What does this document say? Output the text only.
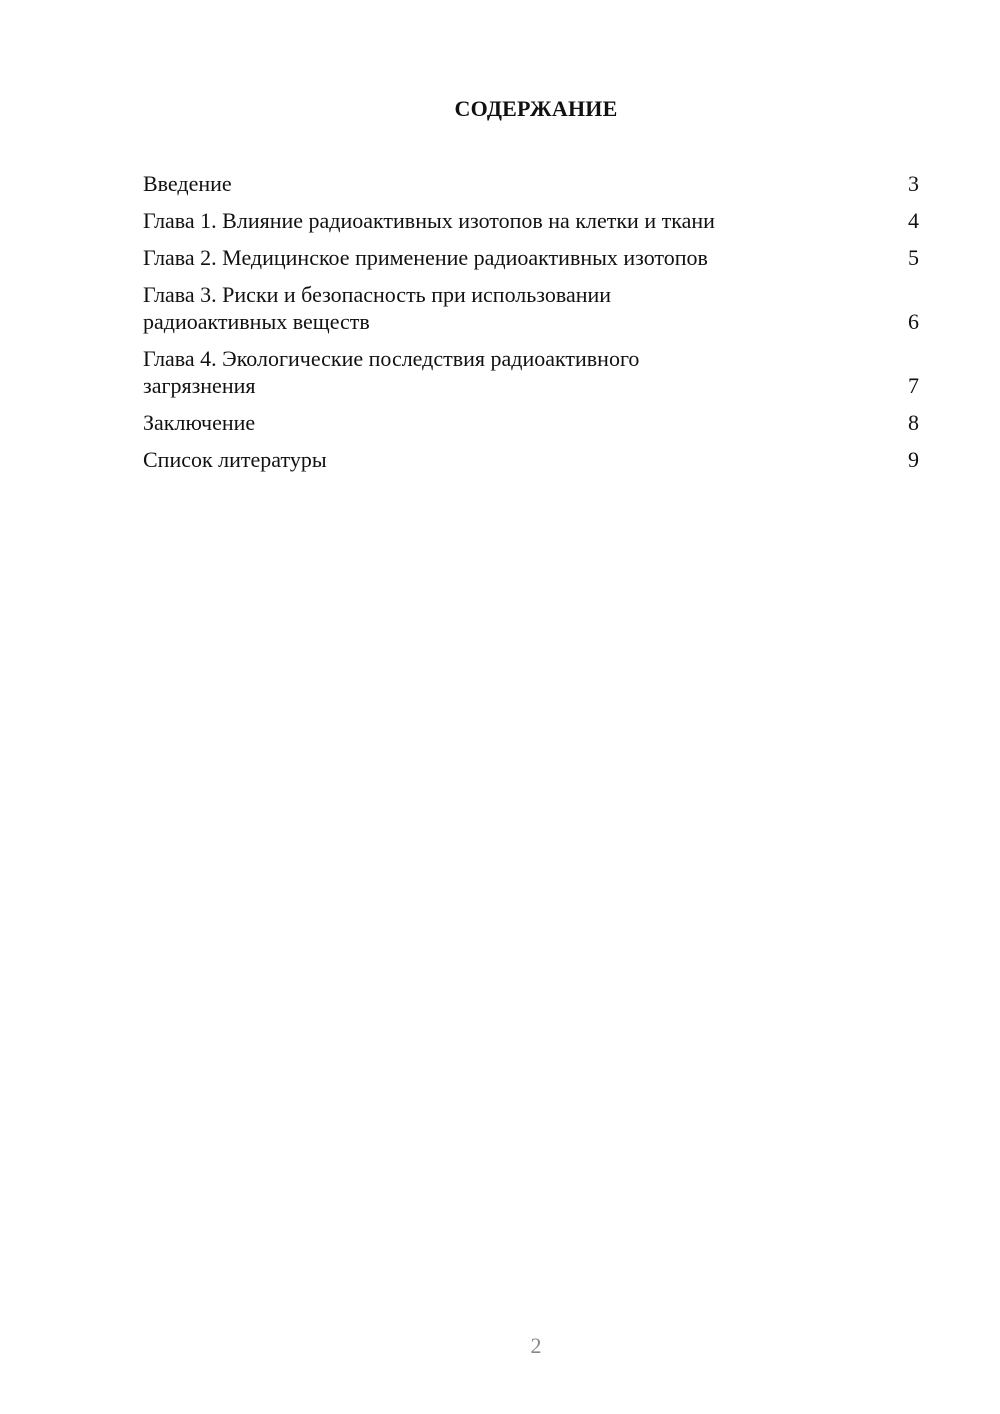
СОДЕРЖАНИЕ
Введение	3
Глава 1. Влияние радиоактивных изотопов на клетки и ткани	4
Глава 2. Медицинское применение радиоактивных изотопов	5
Глава 3. Риски и безопасность при использовании радиоактивных веществ	6
Глава 4. Экологические последствия радиоактивного загрязнения	7
Заключение	8
Список литературы	9
2
